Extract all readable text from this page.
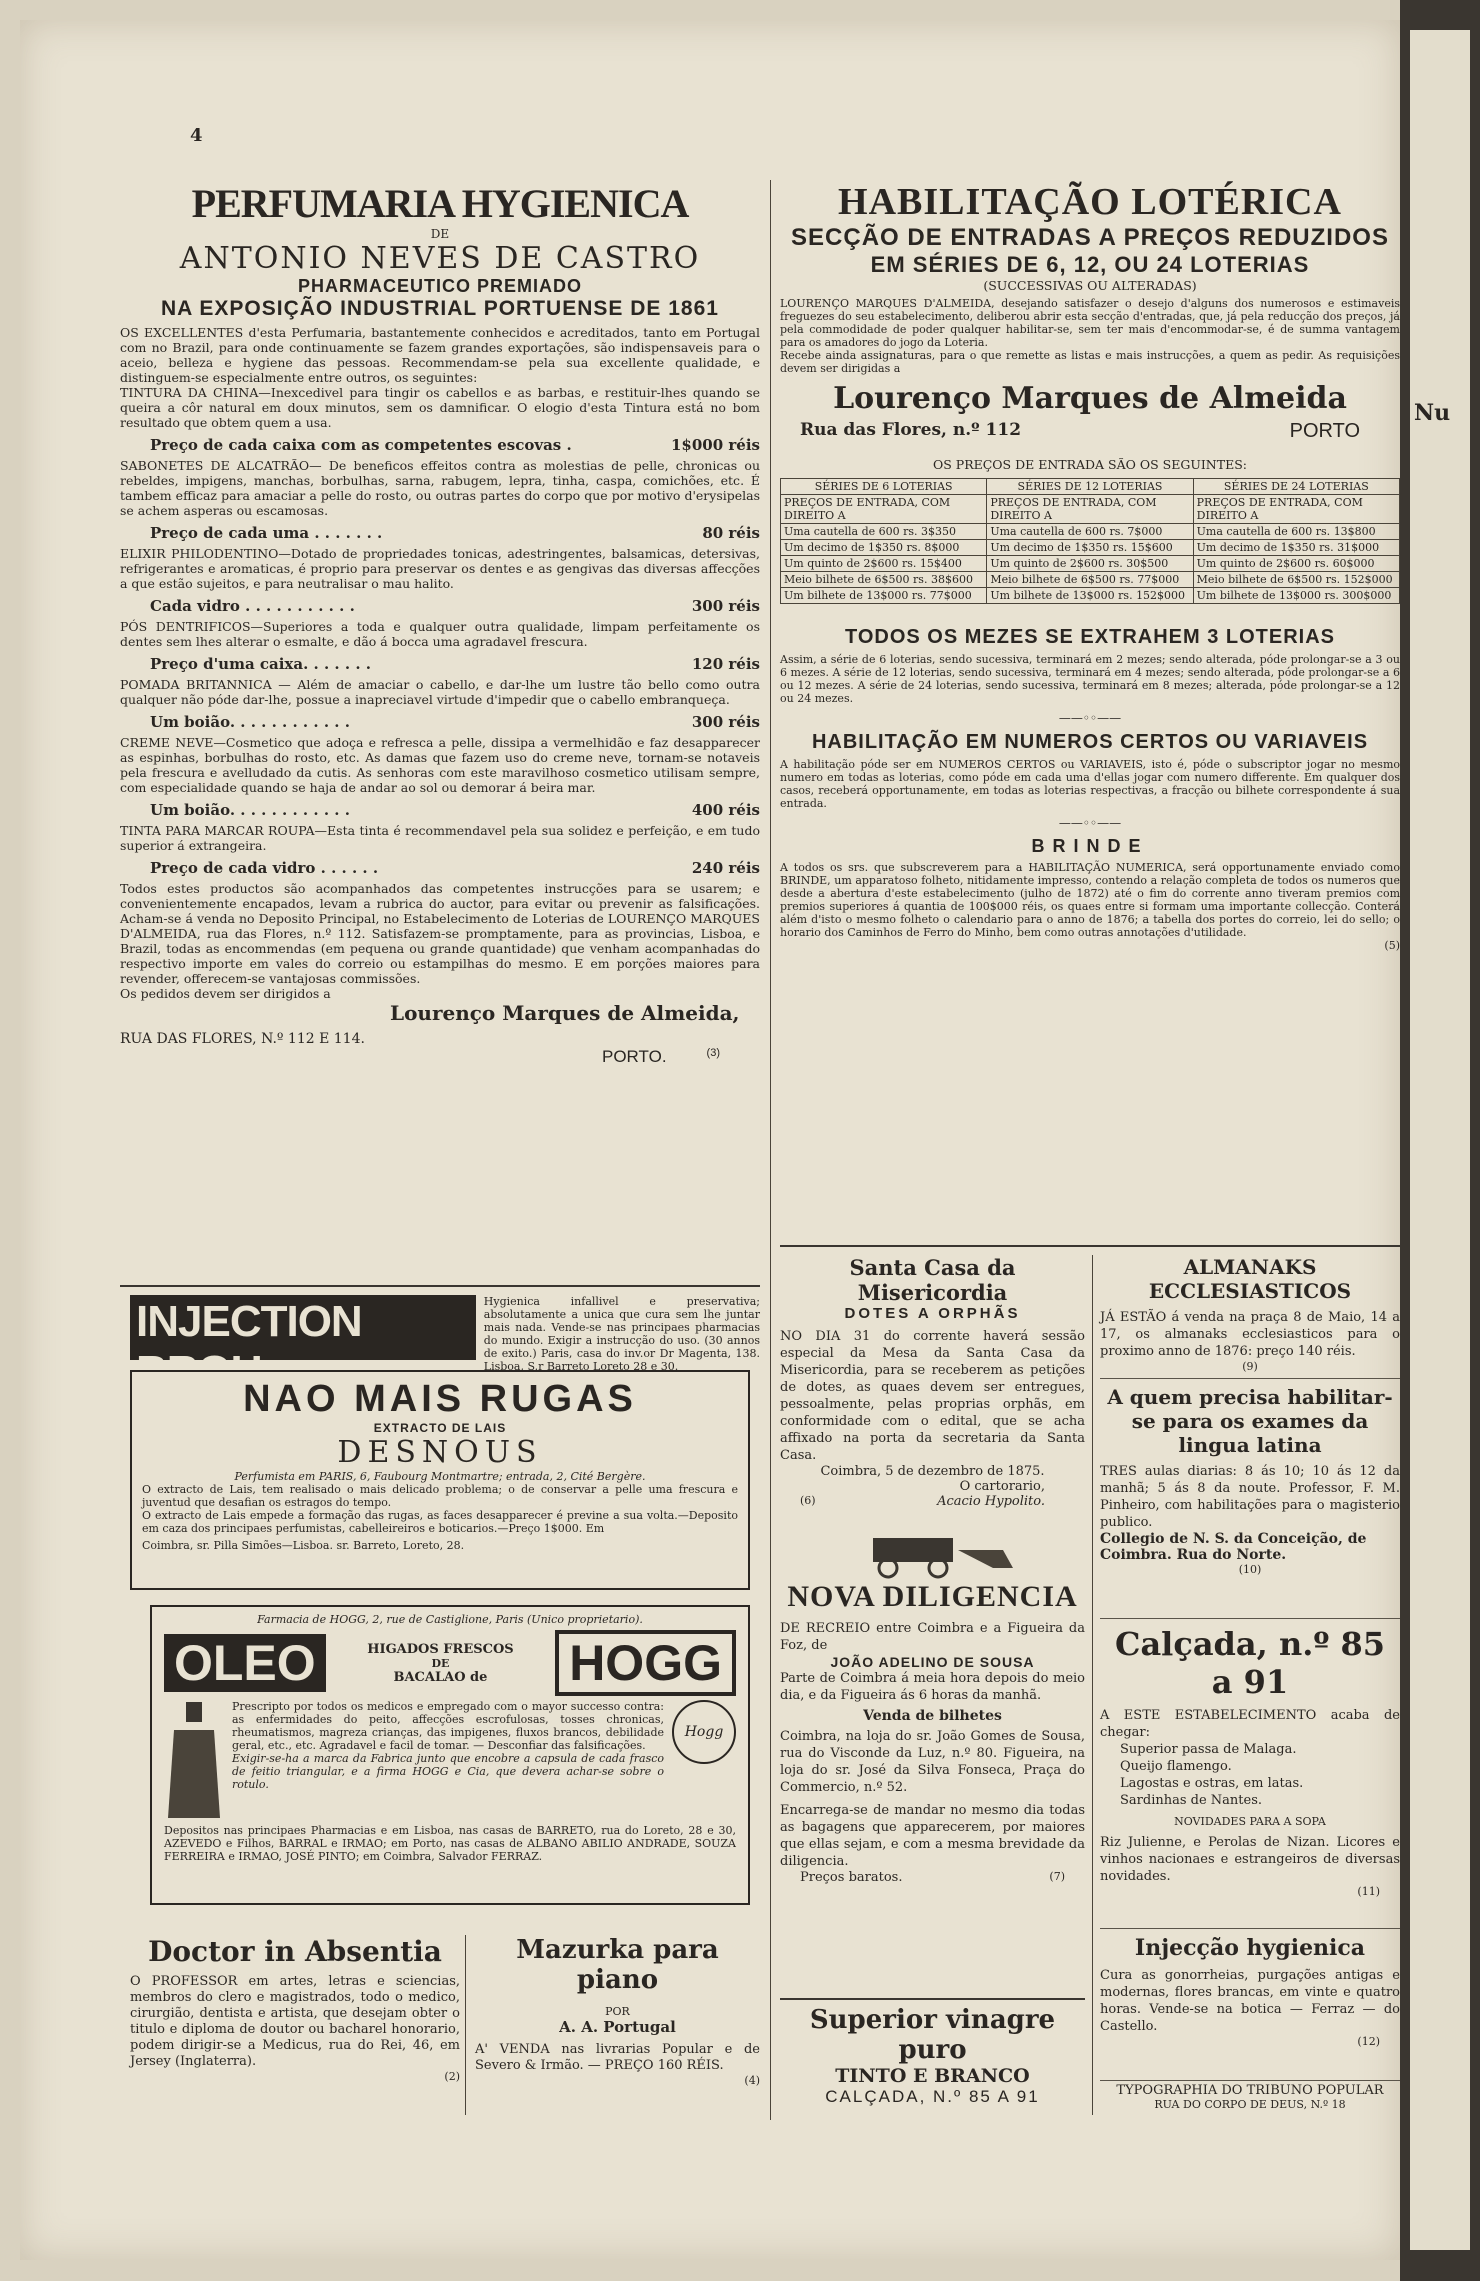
Nu
4
PERFUMARIA HYGIENICA
DE
ANTONIO NEVES DE CASTRO
PHARMACEUTICO PREMIADO
NA EXPOSIÇÃO INDUSTRIAL PORTUENSE DE 1861
OS EXCELLENTES d'esta Perfumaria, bastantemente conhecidos e acreditados, tanto em Portugal com no Brazil, para onde continuamente se fazem grandes exportações, são indispensaveis para o aceio, belleza e hygiene das pessoas. Recommendam-se pela sua excellente qualidade, e distinguem-se especialmente entre outros, os seguintes:
TINTURA DA CHINA—Inexcedivel para tingir os cabellos e as barbas, e restituir-lhes quando se queira a côr natural em doux minutos, sem os damnificar. O elogio d'esta Tintura está no bom resultado que obtem quem a usa.
Preço de cada caixa com as competentes escovas .	1$000 réis
SABONETES DE ALCATRÃO— De beneficos effeitos contra as molestias de pelle, chronicas ou rebeldes, impigens, manchas, borbulhas, sarna, rabugem, lepra, tinha, caspa, comichões, etc. É tambem efficaz para amaciar a pelle do rosto, ou outras partes do corpo que por motivo d'erysipelas se achem asperas ou escamosas.
Preço de cada uma . . . . . . .	80 réis
ELIXIR PHILODENTINO—Dotado de propriedades tonicas, adestringentes, balsamicas, detersivas, refrigerantes e aromaticas, é proprio para preservar os dentes e as gengivas das diversas affecções a que estão sujeitos, e para neutralisar o mau halito.
Cada vidro . . . . . . . . . . .	300 réis
PÓS DENTRIFICOS—Superiores a toda e qualquer outra qualidade, limpam perfeitamente os dentes sem lhes alterar o esmalte, e dão á bocca uma agradavel frescura.
Preço d'uma caixa. . . . . . .	120 réis
POMADA BRITANNICA — Além de amaciar o cabello, e dar-lhe um lustre tão bello como outra qualquer não póde dar-lhe, possue a inapreciavel virtude d'impedir que o cabello embranqueça.
Um boião. . . . . . . . . . . .	300 réis
CREME NEVE—Cosmetico que adoça e refresca a pelle, dissipa a vermelhidão e faz desapparecer as espinhas, borbulhas do rosto, etc. As damas que fazem uso do creme neve, tornam-se notaveis pela frescura e avelludado da cutis. As senhoras com este maravilhoso cosmetico utilisam sempre, com especialidade quando se haja de andar ao sol ou demorar á beira mar.
Um boião. . . . . . . . . . . .	400 réis
TINTA PARA MARCAR ROUPA—Esta tinta é recommendavel pela sua solidez e perfeição, e em tudo superior á extrangeira.
Preço de cada vidro . . . . . .	240 réis
Todos estes productos são acompanhados das competentes instrucções para se usarem; e convenientemente encapados, levam a rubrica do auctor, para evitar ou prevenir as falsificações. Acham-se á venda no Deposito Principal, no Estabelecimento de Loterias de LOURENÇO MARQUES D'ALMEIDA, rua das Flores, n.º 112. Satisfazem-se promptamente, para as provincias, Lisboa, e Brazil, todas as encommendas (em pequena ou grande quantidade) que venham acompanhadas do respectivo importe em vales do correio ou estampilhas do mesmo. E em porções maiores para revender, offerecem-se vantajosas commissões.
Os pedidos devem ser dirigidos a
Lourenço Marques de Almeida,
RUA DAS FLORES, N.º 112 E 114.
PORTO.	(3)
INJECTION BROU
Hygienica infallivel e preservativa; absolutamente a unica que cura sem lhe juntar mais nada. Vende-se nas principaes pharmacias do mundo. Exigir a instrucção do uso. (30 annos de exito.) Paris, casa do inv.or Dr Magenta, 138. Lisboa, S.r Barreto Loreto 28 e 30.
NAO MAIS RUGAS
EXTRACTO DE LAIS
DESNOUS
Perfumista em PARIS, 6, Faubourg Montmartre; entrada, 2, Cité Bergère.
O extracto de Lais, tem realisado o mais delicado problema; o de conservar a pelle uma frescura e juventud que desafian os estragos do tempo.
O extracto de Lais empede a formação das rugas, as faces desapparecer é previne a sua volta.—Deposito em caza dos principaes perfumistas, cabelleireiros e boticarios.—Preço 1$000. Em
Coimbra, sr. Pilla Simões—Lisboa. sr. Barreto, Loreto, 28.
Farmacia de HOGG, 2, rue de Castiglione, Paris (Unico proprietario).
OLEO	HIGADOS FRESCOS
DE
BACALAO de	HOGG
Prescripto por todos os medicos e empregado com o mayor successo contra: as enfermidades do peito, affecções escrofulosas, tosses chronicas, rheumatismos, magreza crianças, das impigenes, fluxos brancos, debilidade geral, etc., etc. Agradavel e facil de tomar. — Desconfiar das falsificações.
Exigir-se-ha a marca da Fabrica junto que encobre a capsula de cada frasco de feitio triangular, e a firma HOGG e Cia, que devera achar-se sobre o rotulo.
Hogg
Depositos nas principaes Pharmacias e em Lisboa, nas casas de BARRETO, rua do Loreto, 28 e 30, AZEVEDO e Filhos, BARRAL e IRMAO; em Porto, nas casas de ALBANO ABILIO ANDRADE, SOUZA FERREIRA e IRMAO, JOSÉ PINTO; em Coimbra, Salvador FERRAZ.
Doctor in Absentia
O PROFESSOR em artes, letras e sciencias, membros do clero e magistrados, todo o medico, cirurgião, dentista e artista, que desejam obter o titulo e diploma de doutor ou bacharel honorario, podem dirigir-se a Medicus, rua do Rei, 46, em Jersey (Inglaterra).
(2)
Mazurka para piano
POR
A. A. Portugal
A' VENDA nas livrarias Popular e de Severo & Irmão. — PREÇO 160 RÉIS.
(4)
HABILITAÇÃO LOTÉRICA
SECÇÃO DE ENTRADAS A PREÇOS REDUZIDOS
EM SÉRIES DE 6, 12, OU 24 LOTERIAS
(SUCCESSIVAS OU ALTERADAS)
LOURENÇO MARQUES D'ALMEIDA, desejando satisfazer o desejo d'alguns dos numerosos e estimaveis freguezes do seu estabelecimento, deliberou abrir esta secção d'entradas, que, já pela reducção dos preços, já pela commodidade de poder qualquer habilitar-se, sem ter mais d'encommodar-se, é de summa vantagem para os amadores do jogo da Loteria.
Recebe ainda assignaturas, para o que remette as listas e mais instrucções, a quem as pedir. As requisições devem ser dirigidas a
Lourenço Marques de Almeida
Rua das Flores, n.º 112	PORTO
OS PREÇOS DE ENTRADA SÃO OS SEGUINTES:
SÉRIES DE 6 LOTERIAS	SÉRIES DE 12 LOTERIAS	SÉRIES DE 24 LOTERIAS
PREÇOS DE ENTRADA, COM DIREITO A	PREÇOS DE ENTRADA, COM DIREITO A	PREÇOS DE ENTRADA, COM DIREITO A
Uma cautella de 600 rs. 3$350	Uma cautella de 600 rs. 7$000	Uma cautella de 600 rs. 13$800
Um decimo de 1$350 rs. 8$000	Um decimo de 1$350 rs. 15$600	Um decimo de 1$350 rs. 31$000
Um quinto de 2$600 rs. 15$400	Um quinto de 2$600 rs. 30$500	Um quinto de 2$600 rs. 60$000
Meio bilhete de 6$500 rs. 38$600	Meio bilhete de 6$500 rs. 77$000	Meio bilhete de 6$500 rs. 152$000
Um bilhete de 13$000 rs. 77$000	Um bilhete de 13$000 rs. 152$000	Um bilhete de 13$000 rs. 300$000
TODOS OS MEZES SE EXTRAHEM 3 LOTERIAS
Assim, a série de 6 loterias, sendo sucessiva, terminará em 2 mezes; sendo alterada, póde prolongar-se a 3 ou 6 mezes. A série de 12 loterias, sendo sucessiva, terminará em 4 mezes; sendo alterada, póde prolongar-se a 6 ou 12 mezes. A série de 24 loterias, sendo sucessiva, terminará em 8 mezes; alterada, póde prolongar-se a 12 ou 24 mezes.
——◦◦——
HABILITAÇÃO EM NUMEROS CERTOS OU VARIAVEIS
A habilitação póde ser em NUMEROS CERTOS ou VARIAVEIS, isto é, póde o subscriptor jogar no mesmo numero em todas as loterias, como póde em cada uma d'ellas jogar com numero differente. Em qualquer dos casos, receberá opportunamente, em todas as loterias respectivas, a fracção ou bilhete correspondente á sua entrada.
——◦◦——
BRINDE
A todos os srs. que subscreverem para a HABILITAÇÃO NUMERICA, será opportunamente enviado como BRINDE, um apparatoso folheto, nitidamente impresso, contendo a relação completa de todos os numeros que desde a abertura d'este estabelecimento (julho de 1872) até o fim do corrente anno tiveram premios com premios superiores á quantia de 100$000 réis, os quaes entre si formam uma importante collecção. Conterá além d'isto o mesmo folheto o calendario para o anno de 1876; a tabella dos portes do correio, lei do sello; o horario dos Caminhos de Ferro do Minho, bem como outras annotações d'utilidade.
(5)
Santa Casa da Misericordia
DOTES A ORPHÃS
NO DIA 31 do corrente haverá sessão especial da Mesa da Santa Casa da Misericordia, para se receberem as petições de dotes, as quaes devem ser entregues, pessoalmente, pelas proprias orphãs, em conformidade com o edital, que se acha affixado na porta da secretaria da Santa Casa.
Coimbra, 5 de dezembro de 1875.
O cartorario,
(6)	Acacio Hypolito.
ALMANAKS ECCLESIASTICOS
JÁ ESTÃO á venda na praça 8 de Maio, 14 a 17, os almanaks ecclesiasticos para o proximo anno de 1876: preço 140 réis.
(9)
A quem precisa habilitar-se para os exames da lingua latina
TRES aulas diarias: 8 ás 10; 10 ás 12 da manhã; 5 ás 8 da noute. Professor, F. M. Pinheiro, com habilitações para o magisterio publico.
Collegio de N. S. da Conceição, de Coimbra. Rua do Norte.
(10)
NOVA DILIGENCIA
DE RECREIO entre Coimbra e a Figueira da Foz, de
JOÃO ADELINO DE SOUSA
Parte de Coimbra á meia hora depois do meio dia, e da Figueira ás 6 horas da manhã.
Venda de bilhetes
Coimbra, na loja do sr. João Gomes de Sousa, rua do Visconde da Luz, n.º 80. Figueira, na loja do sr. José da Silva Fonseca, Praça do Commercio, n.º 52.
Encarrega-se de mandar no mesmo dia todas as bagagens que apparecerem, por maiores que ellas sejam, e com a mesma brevidade da diligencia.
Preços baratos.	(7)
Superior vinagre puro
TINTO E BRANCO
CALÇADA, N.º 85 A 91
Calçada, n.º 85 a 91
A ESTE ESTABELECIMENTO acaba de chegar:
Superior passa de Malaga.
Queijo flamengo.
Lagostas e ostras, em latas.
Sardinhas de Nantes.
NOVIDADES PARA A SOPA
Riz Julienne, e Perolas de Nizan. Licores e vinhos nacionaes e estrangeiros de diversas novidades.
(11)
Injecção hygienica
Cura as gonorrheias, purgações antigas e modernas, flores brancas, em vinte e quatro horas. Vende-se na botica — Ferraz — do Castello.
(12)
TYPOGRAPHIA DO TRIBUNO POPULAR
RUA DO CORPO DE DEUS, N.º 18
